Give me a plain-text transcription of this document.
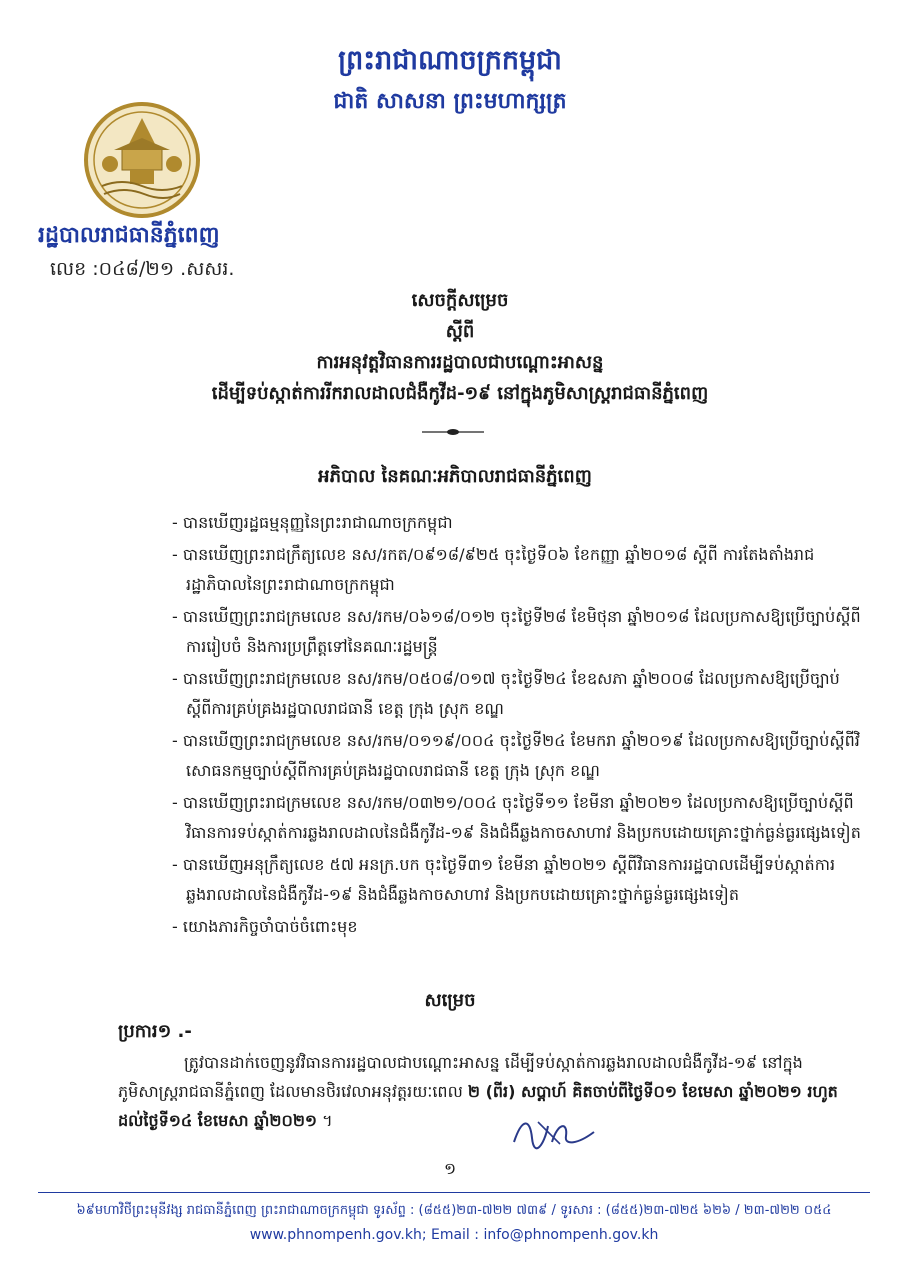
ព្រះរាជាណាចក្រកម្ពុជា
ជាតិ សាសនា ព្រះមហាក្សត្រ
រដ្ឋបាលរាជធានីភ្នំពេញ
លេខ :០៤៨/២១ .សសរ.
សេចក្ដីសម្រេច
ស្ដីពី
ការអនុវត្តវិធានការរដ្ឋបាលជាបណ្ដោះអាសន្ន
ដើម្បីទប់ស្កាត់ការរីករាលដាលជំងឺកូវីដ-១៩ នៅក្នុងភូមិសាស្ត្ររាជធានីភ្នំពេញ
អភិបាល នៃគណៈអភិបាលរាជធានីភ្នំពេញ
- បានឃើញរដ្ឋធម្មនុញ្ញនៃព្រះរាជាណាចក្រកម្ពុជា
- បានឃើញព្រះរាជក្រឹត្យលេខ នស/រកត/០៩១៨/៩២៥ ចុះថ្ងៃទី០៦ ខែកញ្ញា ឆ្នាំ២០១៨ ស្ដីពី ការតែងតាំងរាជរដ្ឋាភិបាលនៃព្រះរាជាណាចក្រកម្ពុជា
- បានឃើញព្រះរាជក្រមលេខ នស/រកម/០៦១៨/០១២ ចុះថ្ងៃទី២៨ ខែមិថុនា ឆ្នាំ២០១៨ ដែលប្រកាសឱ្យប្រើច្បាប់ស្ដីពីការរៀបចំ និងការប្រព្រឹត្តទៅនៃគណៈរដ្ឋមន្ត្រី
- បានឃើញព្រះរាជក្រមលេខ នស/រកម/០៥០៨/០១៧ ចុះថ្ងៃទី២៤ ខែឧសភា ឆ្នាំ២០០៨ ដែលប្រកាសឱ្យប្រើច្បាប់ស្ដីពីការគ្រប់គ្រងរដ្ឋបាលរាជធានី ខេត្ត ក្រុង ស្រុក ខណ្ឌ
- បានឃើញព្រះរាជក្រមលេខ នស/រកម/០១១៩/០០៤ ចុះថ្ងៃទី២៤ ខែមករា ឆ្នាំ២០១៩ ដែលប្រកាសឱ្យប្រើច្បាប់ស្ដីពីវិសោធនកម្មច្បាប់ស្ដីពីការគ្រប់គ្រងរដ្ឋបាលរាជធានី ខេត្ត ក្រុង ស្រុក ខណ្ឌ
- បានឃើញព្រះរាជក្រមលេខ នស/រកម/០៣២១/០០៤ ចុះថ្ងៃទី១១ ខែមីនា ឆ្នាំ២០២១ ដែលប្រកាសឱ្យប្រើច្បាប់ស្ដីពីវិធានការទប់ស្កាត់ការឆ្លងរាលដាលនៃជំងឺកូវីដ-១៩ និងជំងឺឆ្លងកាចសាហាវ និងប្រកបដោយគ្រោះថ្នាក់ធ្ងន់ធ្ងរផ្សេងទៀត
- បានឃើញអនុក្រឹត្យលេខ ៥៧ អនក្រ.បក ចុះថ្ងៃទី៣១ ខែមីនា ឆ្នាំ២០២១ ស្ដីពីវិធានការរដ្ឋបាលដើម្បីទប់ស្កាត់ការឆ្លងរាលដាលនៃជំងឺកូវីដ-១៩ និងជំងឺឆ្លងកាចសាហាវ និងប្រកបដោយគ្រោះថ្នាក់ធ្ងន់ធ្ងរផ្សេងទៀត
- យោងភារកិច្ចចាំបាច់ចំពោះមុខ
សម្រេច
ប្រការ១ .-
ត្រូវបានដាក់ចេញនូវវិធានការរដ្ឋបាលជាបណ្ដោះអាសន្ន ដើម្បីទប់ស្កាត់ការឆ្លងរាលដាលជំងឺកូវីដ-១៩ នៅក្នុងភូមិសាស្ត្ររាជធានីភ្នំពេញ ដែលមានថិរវេលាអនុវត្តរយៈពេល ២ (ពីរ) សប្ដាហ៍ គិតចាប់ពីថ្ងៃទី០១ ខែមេសា ឆ្នាំ២០២១ រហូតដល់ថ្ងៃទី១៤ ខែមេសា ឆ្នាំ២០២១ ។
១
៦៩មហាវិថីព្រះមុនីវង្ស រាជធានីភ្នំពេញ ព្រះរាជាណាចក្រកម្ពុជា ទូរស័ព្ទ : (៨៥៥)២៣-៧២២ ៧៣៩ / ទូរសារ : (៨៥៥)២៣-៧២៥ ៦២៦ / ២៣-៧២២ ០៥៤
www.phnompenh.gov.kh; Email : info@phnompenh.gov.kh
